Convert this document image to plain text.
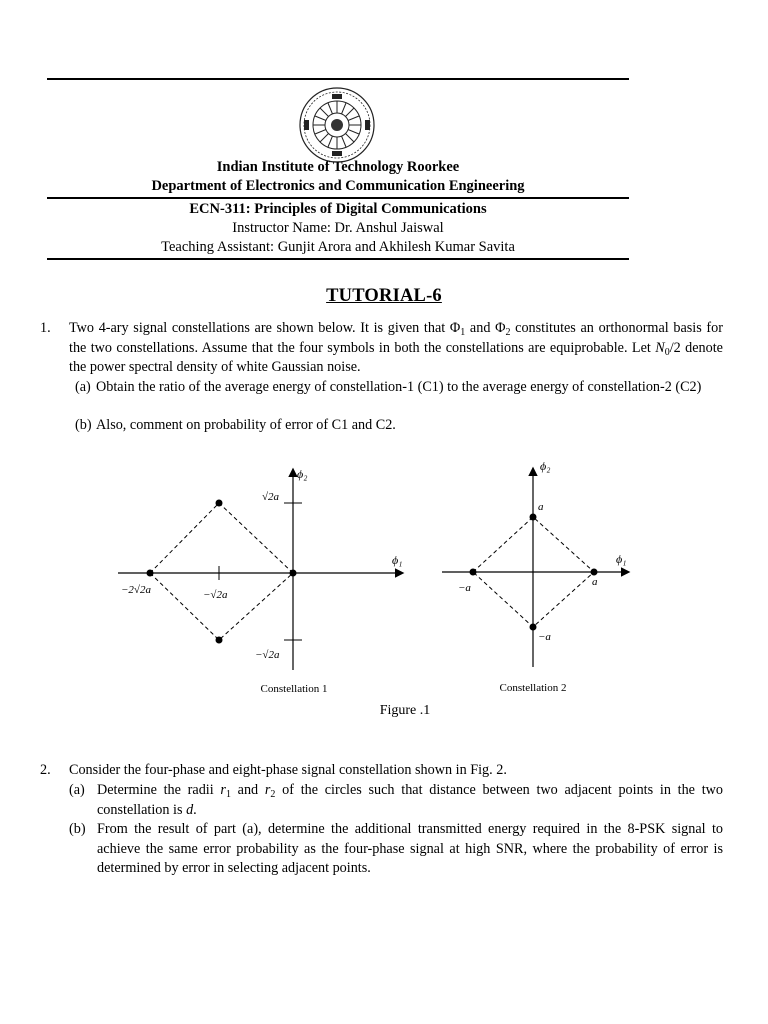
Indian Institute of Technology Roorkee
Department of Electronics and Communication Engineering
ECN-311: Principles of Digital Communications
Instructor Name: Dr. Anshul Jaiswal
Teaching Assistant: Gunjit Arora and Akhilesh Kumar Savita
TUTORIAL-6
1. Two 4-ary signal constellations are shown below. It is given that $\Phi_1$ and $\Phi_2$ constitutes an orthonormal basis for the two constellations. Assume that the four symbols in both the constellations are equiprobable. Let $N_0/2$ denote the power spectral density of white Gaussian noise.
(a) Obtain the ratio of the average energy of constellation-1 (C1) to the average energy of constellation-2 (C2)
(b) Also, comment on probability of error of C1 and C2.
ϕ₂
ϕ₁
√2a
−√2a
−2√2a	−√2a
Constellation 1
ϕ₂
ϕ₁
a
a
−a
−a
Constellation 2
Figure .1
2. Consider the four-phase and eight-phase signal constellation shown in Fig. 2.
(a) Determine the radii $r_1$ and $r_2$ of the circles such that distance between two adjacent points in the two constellation is d.
(b) From the result of part (a), determine the additional transmitted energy required in the 8-PSK signal to achieve the same error probability as the four-phase signal at high SNR, where the probability of error is determined by error in selecting adjacent points.
